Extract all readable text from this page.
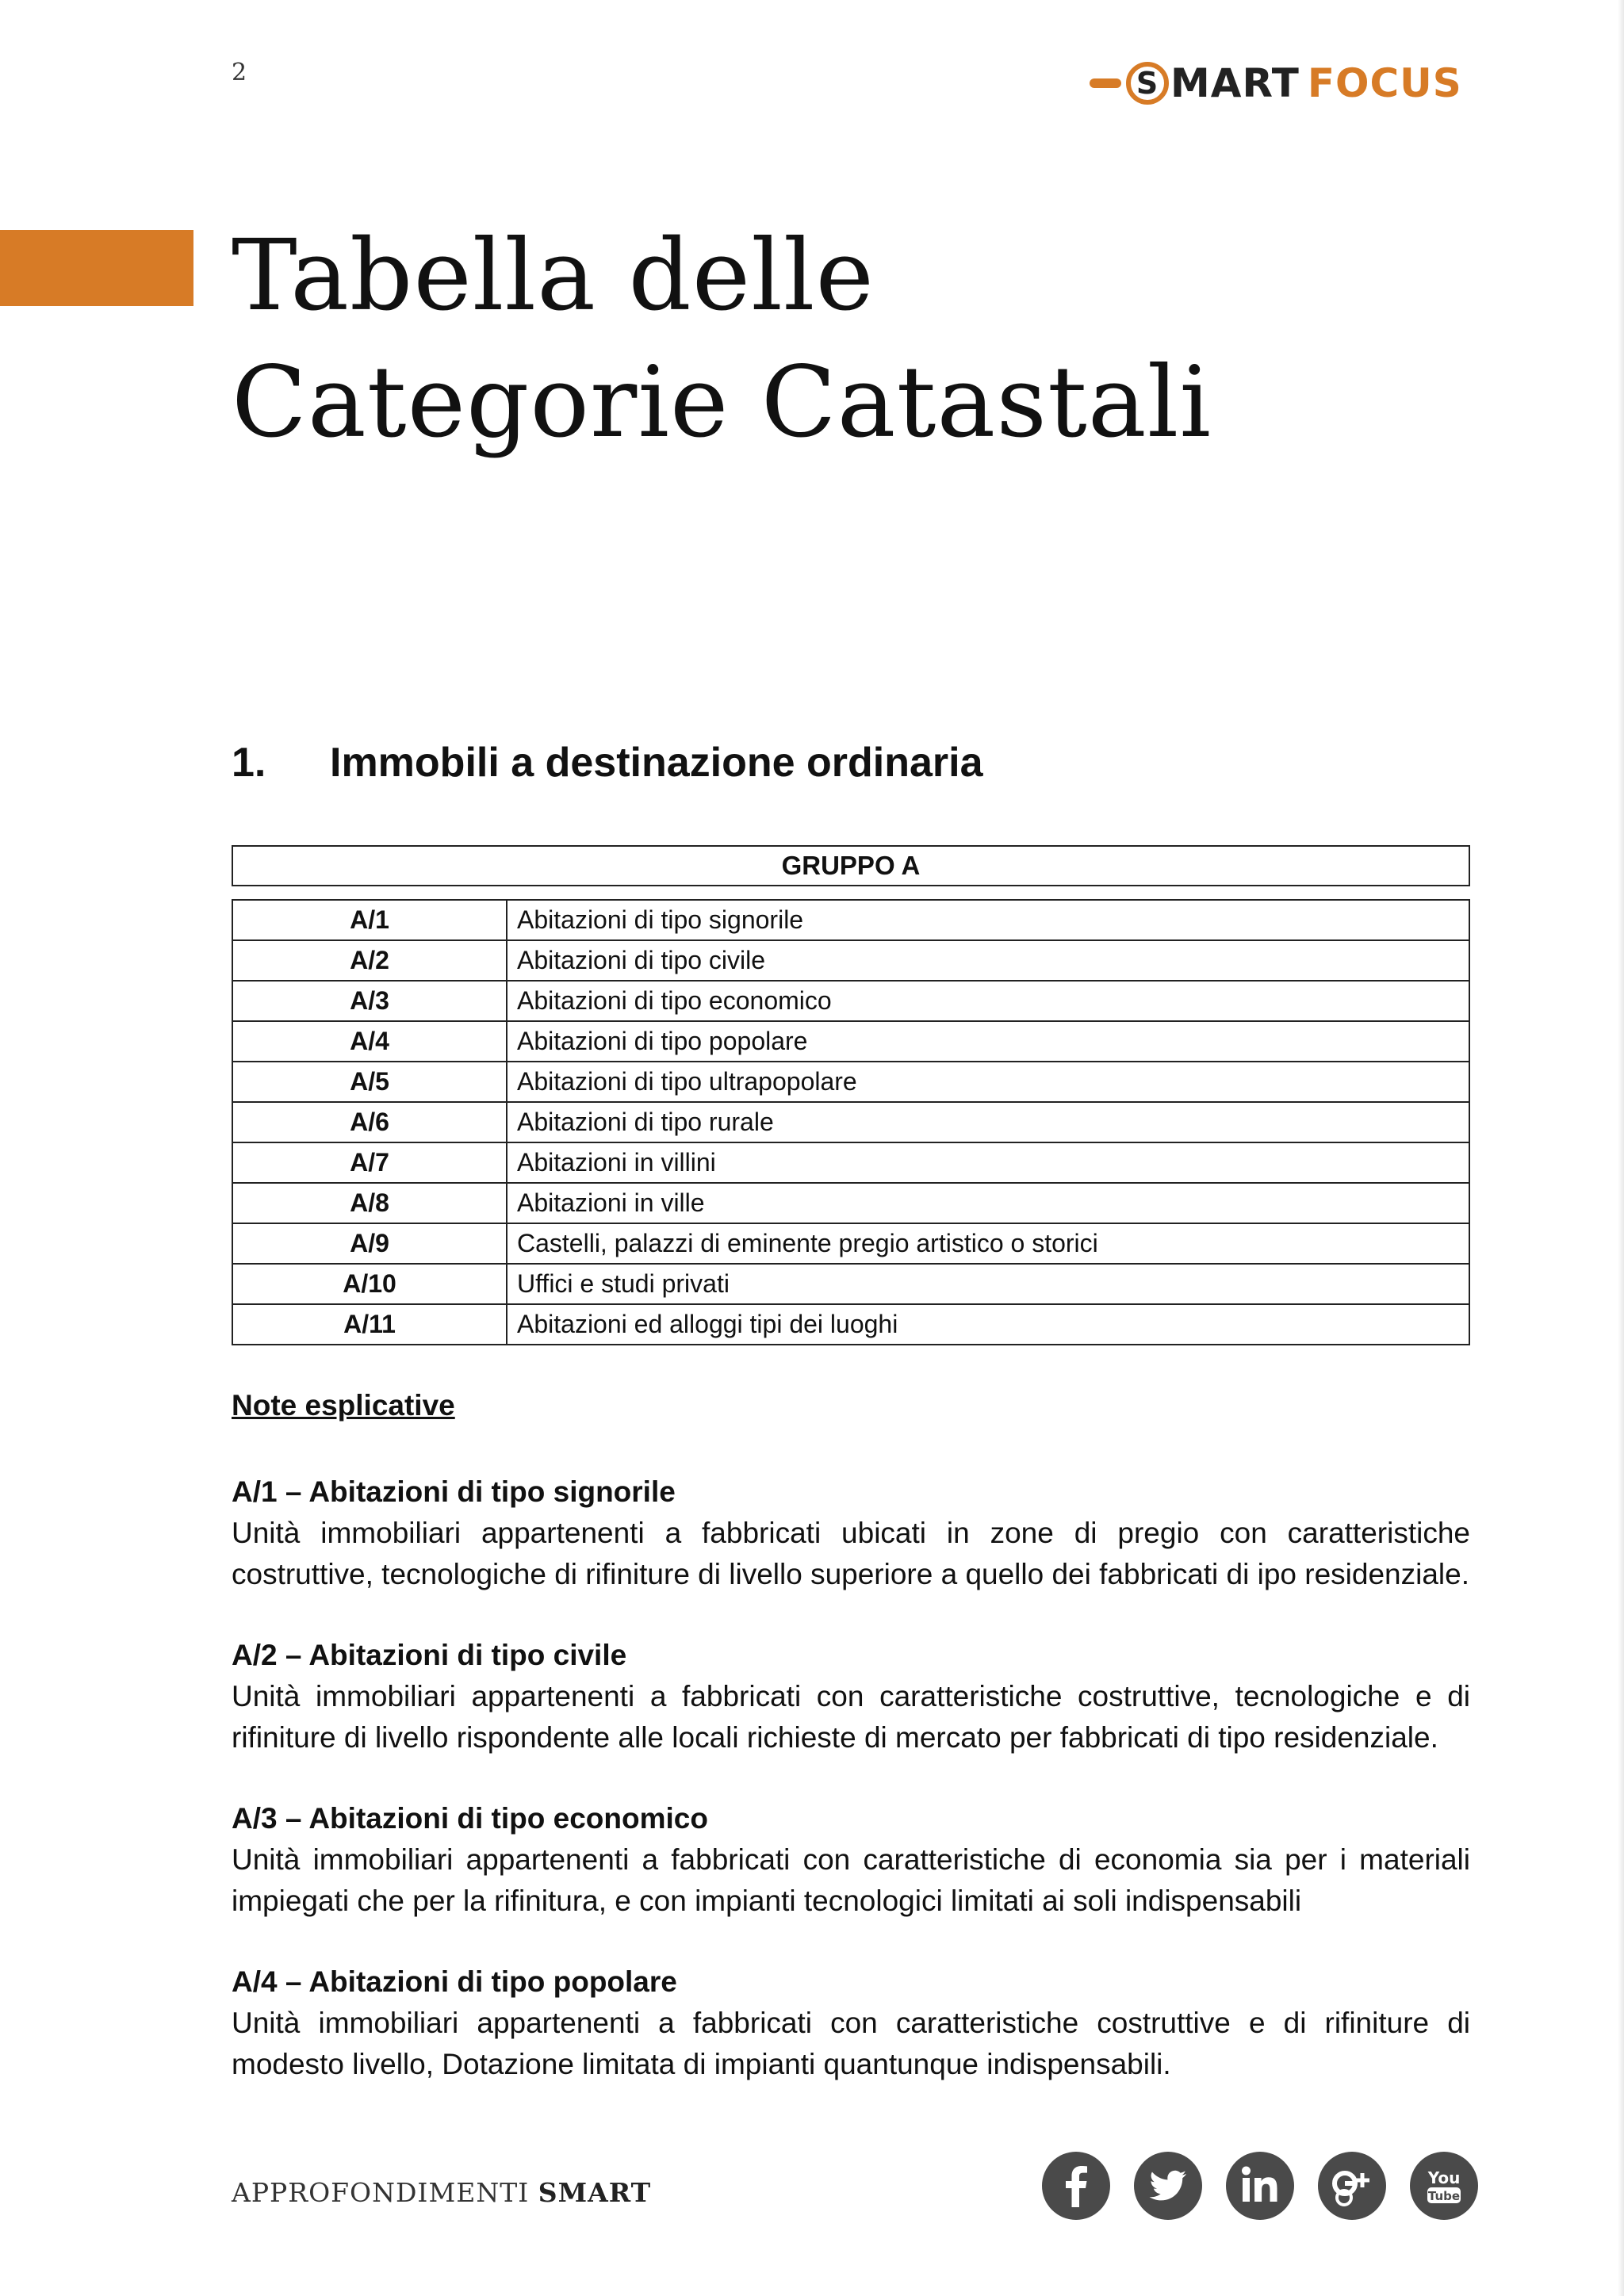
2	S MART FOCUS
Tabella delle
Categorie Catastali
1.	Immobili a destinazione ordinaria
GRUPPO A
A/1	Abitazioni di tipo signorile
A/2	Abitazioni di tipo civile
A/3	Abitazioni di tipo economico
A/4	Abitazioni di tipo popolare
A/5	Abitazioni di tipo ultrapopolare
A/6	Abitazioni di tipo rurale
A/7	Abitazioni in villini
A/8	Abitazioni in ville
A/9	Castelli, palazzi di eminente pregio artistico o storici
A/10	Uffici e studi privati
A/11	Abitazioni ed alloggi tipi dei luoghi
Note esplicative
A/1 – Abitazioni di tipo signorile
Unità immobiliari appartenenti a fabbricati ubicati in zone di pregio con caratteristiche costruttive, tecnologiche di rifiniture di livello superiore a quello dei fabbricati di ipo residenziale.
A/2 – Abitazioni di tipo civile
Unità immobiliari appartenenti a fabbricati con caratteristiche costruttive, tecnologiche e di rifiniture di livello rispondente alle locali richieste di mercato per fabbricati di tipo residenziale.
A/3 – Abitazioni di tipo economico
Unità immobiliari appartenenti a fabbricati con caratteristiche di economia sia per i materiali impiegati che per la rifinitura, e con impianti tecnologici limitati ai soli indispensabili
A/4 – Abitazioni di tipo popolare
Unità immobiliari appartenenti a fabbricati con caratteristiche costruttive e di rifiniture di modesto livello, Dotazione limitata di impianti quantunque indispensabili.
APPROFONDIMENTI SMART	You
Tube
